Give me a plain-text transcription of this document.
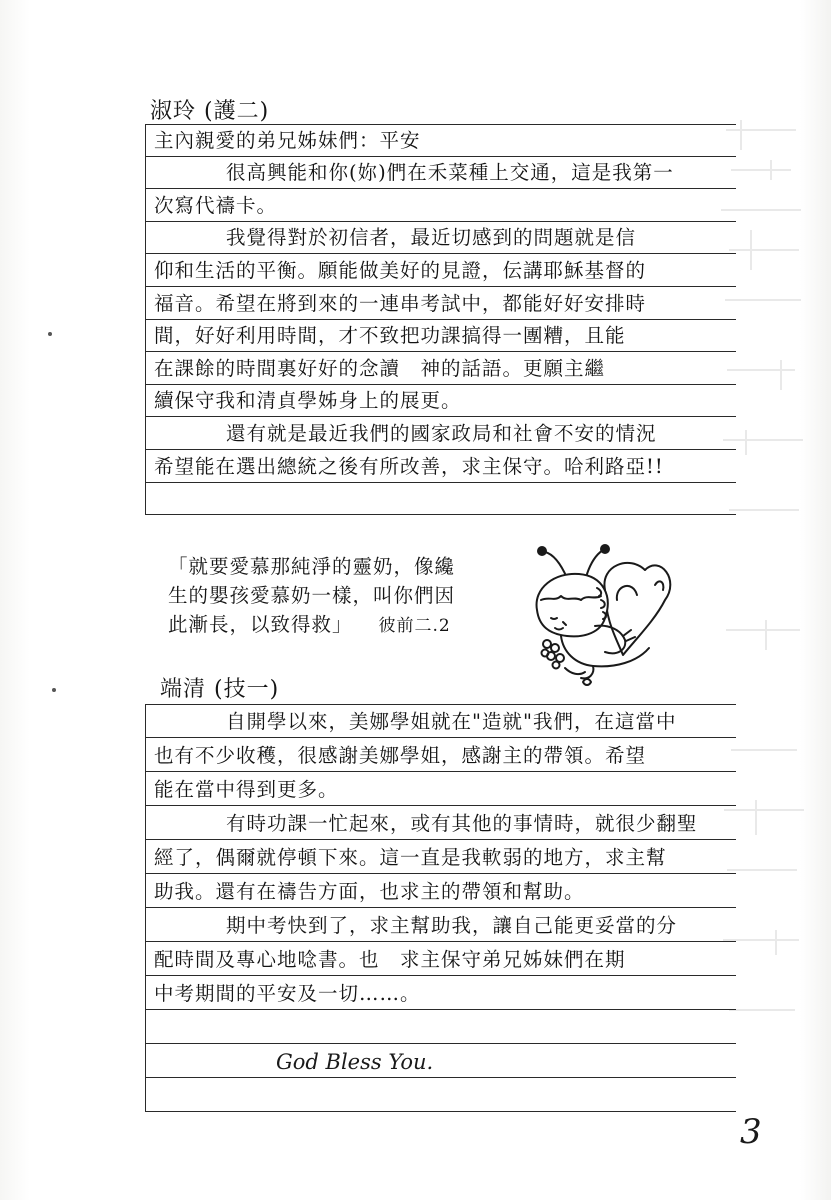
淑玲 (護二)
主內親愛的弟兄姊妹們：平安
很高興能和你(妳)們在禾菜種上交通，這是我第一
次寫代禱卡。
我覺得對於初信者，最近切感到的問題就是信
仰和生活的平衡。願能做美好的見證，伝講耶穌基督的
福音。希望在將到來的一連串考試中，都能好好安排時
間，好好利用時間，才不致把功課搞得一團糟，且能
在課餘的時間裏好好的念讀　神的話語。更願主繼
續保守我和清貞學姊身上的展更。
還有就是最近我們的國家政局和社會不安的情況
希望能在選出總統之後有所改善，求主保守。哈利路亞!!
「就要愛慕那純淨的靈奶，像纔
生的嬰孩愛慕奶一樣，叫你們因
此漸長，以致得救」 彼前二.2
端清 (技一)
自開學以來，美娜學姐就在"造就"我們，在這當中
也有不少收穫，很感謝美娜學姐，感謝主的帶領。希望
能在當中得到更多。
有時功課一忙起來，或有其他的事情時，就很少翻聖
經了，偶爾就停頓下來。這一直是我軟弱的地方，求主幫
助我。還有在禱告方面，也求主的帶領和幫助。
期中考快到了，求主幫助我，讓自己能更妥當的分
配時間及專心地唸書。也　求主保守弟兄姊妹們在期
中考期間的平安及一切……。
God Bless You.
3
